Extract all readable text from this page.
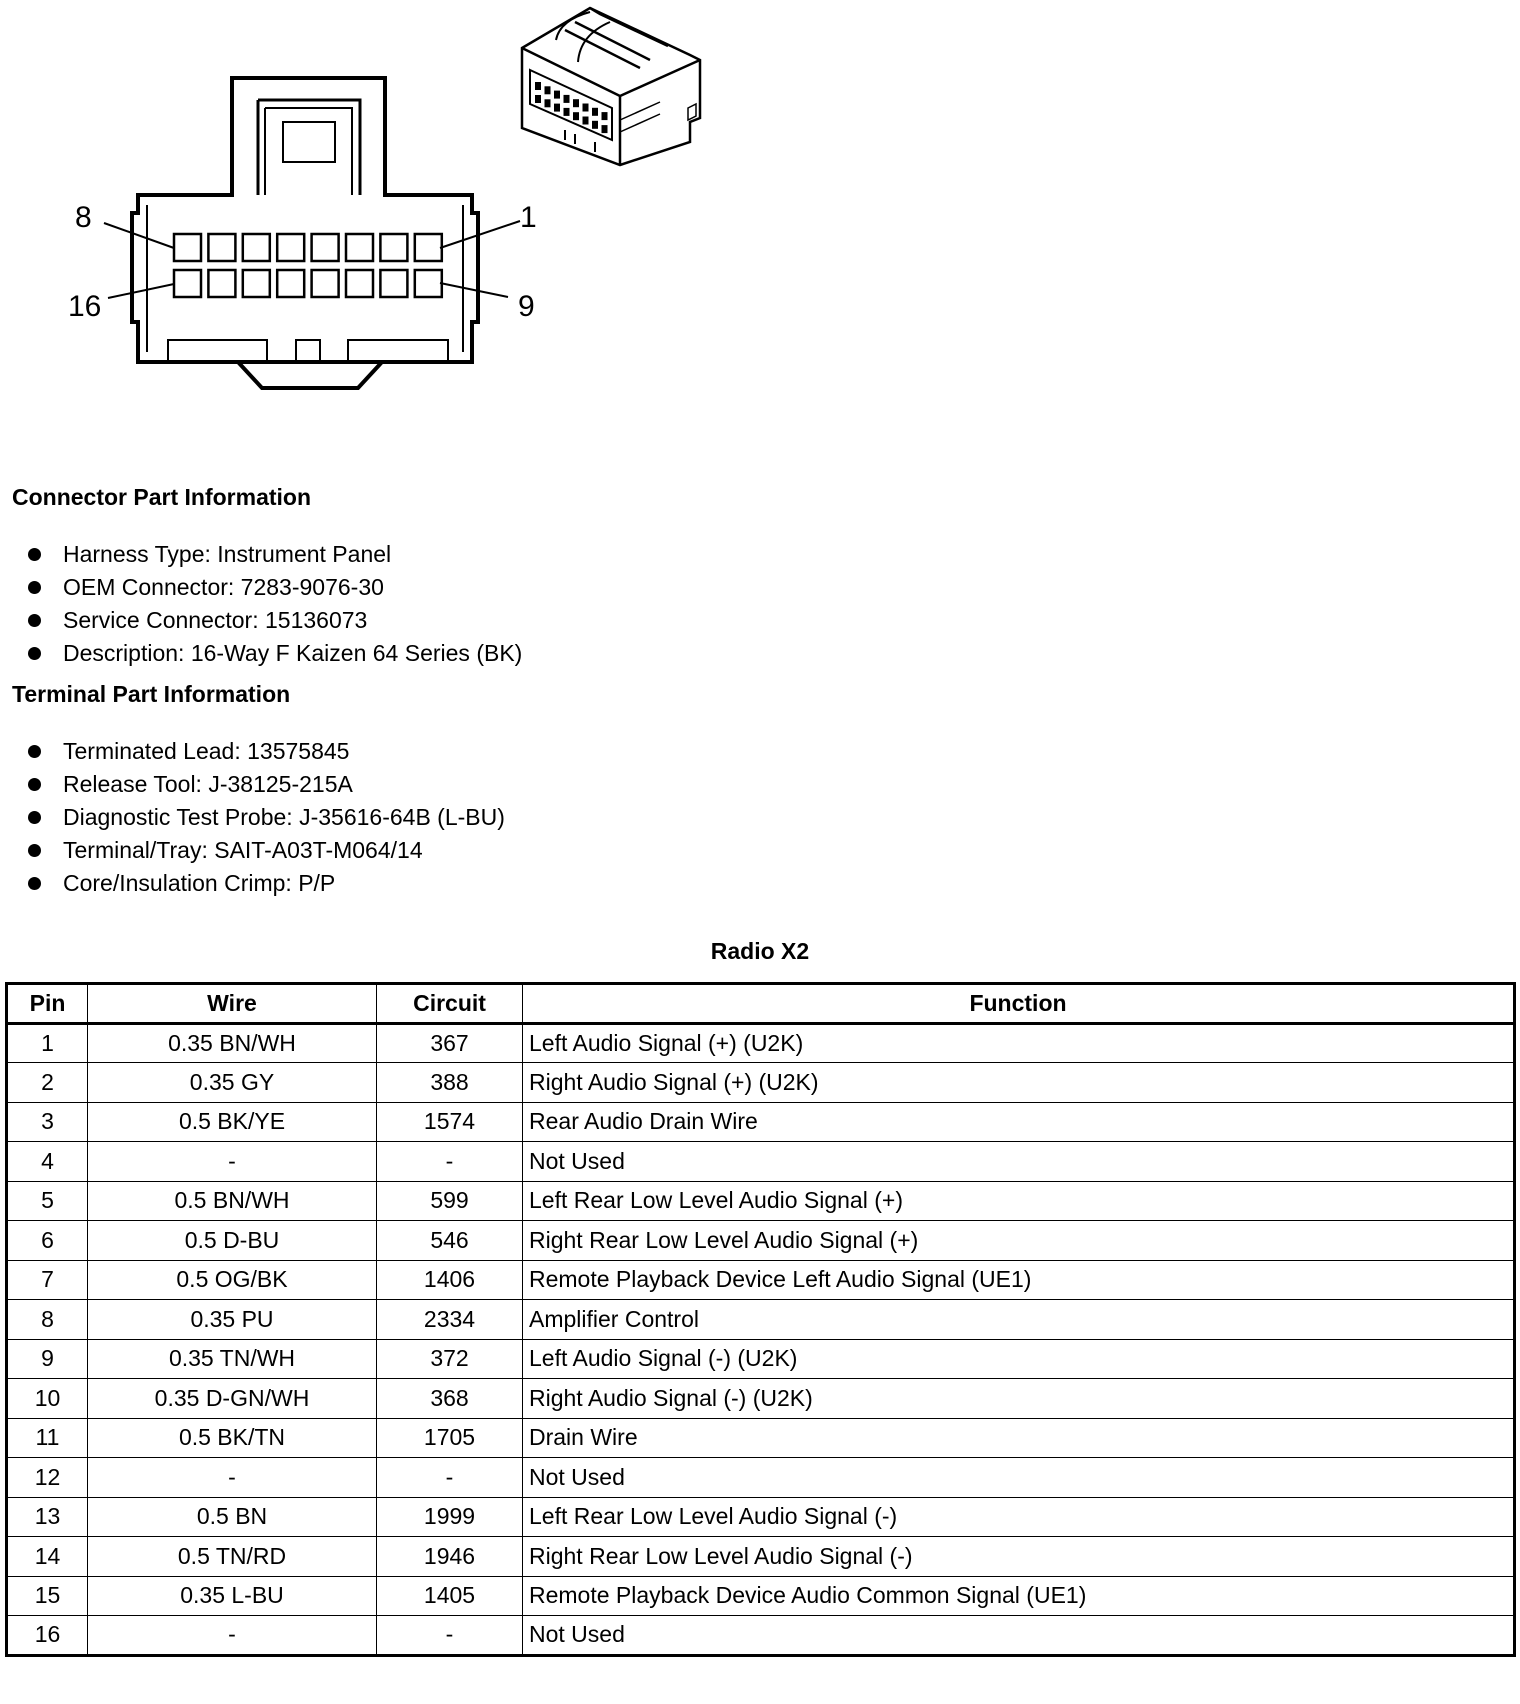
8	1
16	9
Connector Part Information
Harness Type: Instrument Panel
OEM Connector: 7283-9076-30
Service Connector: 15136073
Description: 16-Way F Kaizen 64 Series (BK)
Terminal Part Information
Terminated Lead: 13575845
Release Tool: J-38125-215A
Diagnostic Test Probe: J-35616-64B (L-BU)
Terminal/Tray: SAIT-A03T-M064/14
Core/Insulation Crimp: P/P
Radio X2
Pin	Wire	Circuit	Function
1	0.35 BN/WH	367	Left Audio Signal (+) (U2K)
2	0.35 GY	388	Right Audio Signal (+) (U2K)
3	0.5 BK/YE	1574	Rear Audio Drain Wire
4	-	-	Not Used
5	0.5 BN/WH	599	Left Rear Low Level Audio Signal (+)
6	0.5 D-BU	546	Right Rear Low Level Audio Signal (+)
7	0.5 OG/BK	1406	Remote Playback Device Left Audio Signal (UE1)
8	0.35 PU	2334	Amplifier Control
9	0.35 TN/WH	372	Left Audio Signal (-) (U2K)
10	0.35 D-GN/WH	368	Right Audio Signal (-) (U2K)
11	0.5 BK/TN	1705	Drain Wire
12	-	-	Not Used
13	0.5 BN	1999	Left Rear Low Level Audio Signal (-)
14	0.5 TN/RD	1946	Right Rear Low Level Audio Signal (-)
15	0.35 L-BU	1405	Remote Playback Device Audio Common Signal (UE1)
16	-	-	Not Used
